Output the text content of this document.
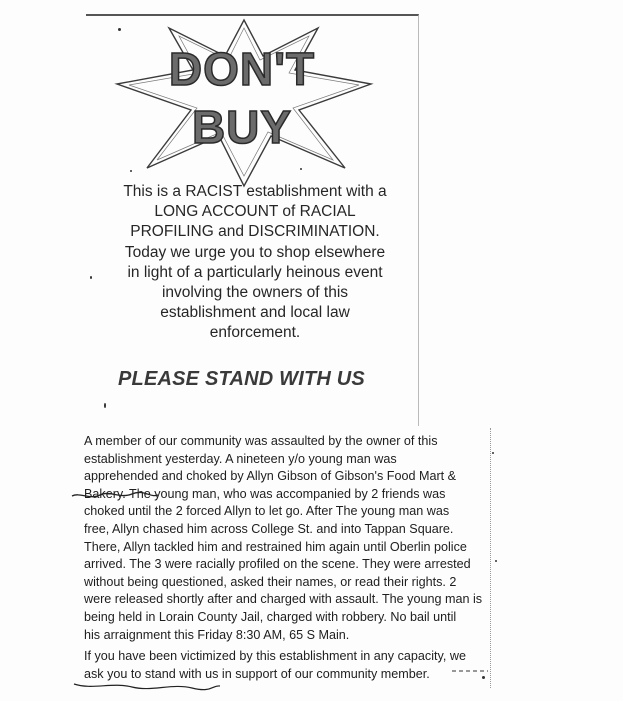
DON'T
BUY
This is a RACIST establishment with a
LONG ACCOUNT of RACIAL
PROFILING and DISCRIMINATION.
Today we urge you to shop elsewhere
in light of a particularly heinous event
involving the owners of this
establishment and local law
enforcement.
PLEASE STAND WITH US
A member of our community was assaulted by the owner of this
establishment yesterday. A nineteen y/o young man was
apprehended and choked by Allyn Gibson of Gibson's Food Mart &
Bakery. The young man, who was accompanied by 2 friends was
choked until the 2 forced Allyn to let go. After The young man was
free, Allyn chased him across College St. and into Tappan Square.
There, Allyn tackled him and restrained him again until Oberlin police
arrived. The 3 were racially profiled on the scene. They were arrested
without being questioned, asked their names, or read their rights. 2
were released shortly after and charged with assault. The young man is
being held in Lorain County Jail, charged with robbery. No bail until
his arraignment this Friday 8:30 AM, 65 S Main.
If you have been victimized by this establishment in any capacity, we
ask you to stand with us in support of our community member.
